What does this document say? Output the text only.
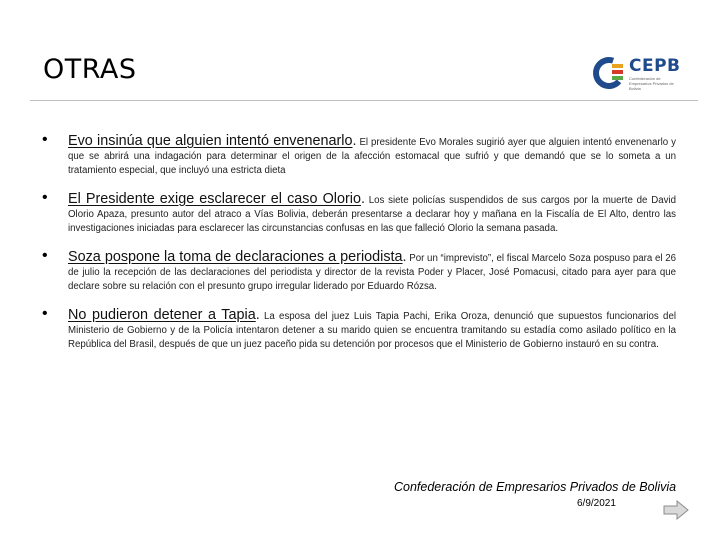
OTRAS	CEPB
Confederación de Empresarios Privados de Bolivia
• Evo insinúa que alguien intentó envenenarlo. El presidente Evo Morales sugirió ayer que alguien intentó envenenarlo y que se abrirá una indagación para determinar el origen de la afección estomacal que sufrió y que demandó que se lo someta a un tratamiento especial, que incluyó una estricta dieta
• El Presidente exige esclarecer el caso Olorio. Los siete policías suspendidos de sus cargos por la muerte de David Olorio Apaza, presunto autor del atraco a Vías Bolivia, deberán presentarse a declarar hoy y mañana en la Fiscalía de El Alto, dentro las investigaciones iniciadas para esclarecer las circunstancias confusas en las que falleció Olorio la semana pasada.
• Soza pospone la toma de declaraciones a periodista. Por un “imprevisto”, el fiscal Marcelo Soza pospuso para el 26 de julio la recepción de las declaraciones del periodista y director de la revista Poder y Placer, José Pomacusi, citado para ayer para que declare sobre su relación con el presunto grupo irregular liderado por Eduardo Rózsa.
• No pudieron detener a Tapia. La esposa del juez Luis Tapia Pachi, Erika Oroza, denunció que supuestos funcionarios del Ministerio de Gobierno y de la Policía intentaron detener a su marido quien se encuentra tramitando su estadía como asilado político en la República del Brasil, después de que un juez paceño pida su detención por procesos que el Ministerio de Gobierno instauró en su contra.
Confederación de Empresarios Privados de Bolivia
6/9/2021
